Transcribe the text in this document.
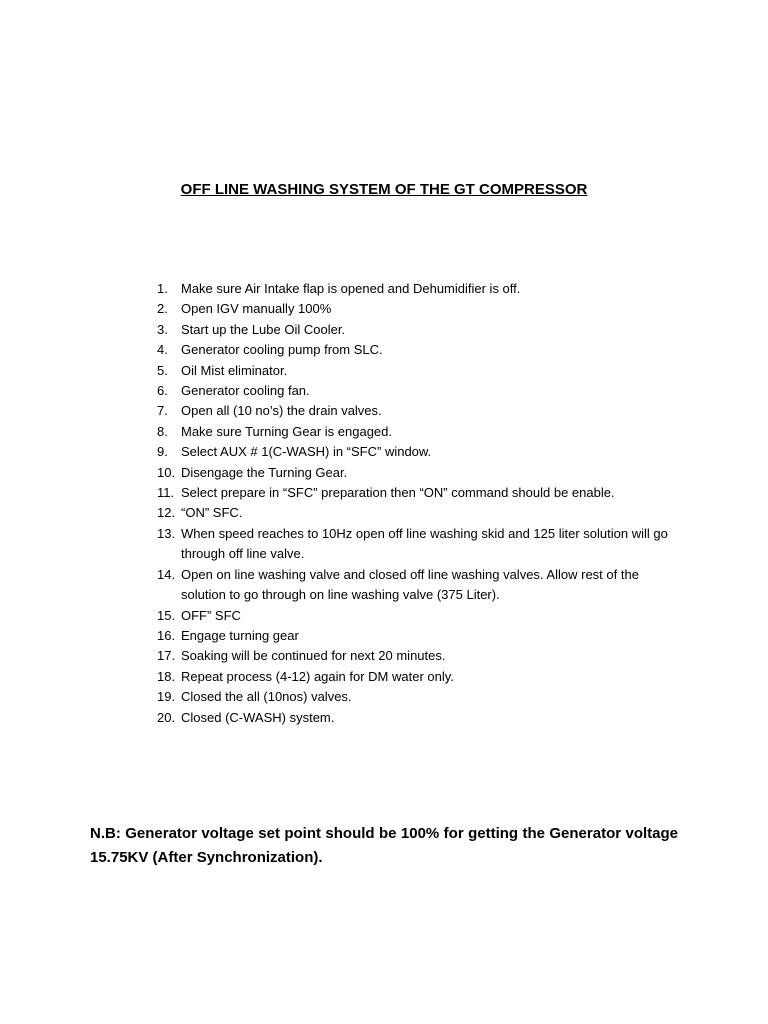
OFF LINE WASHING SYSTEM OF THE GT COMPRESSOR
1. Make sure Air Intake flap is opened and Dehumidifier is off.
2. Open IGV manually 100%
3. Start up the Lube Oil Cooler.
4. Generator cooling pump from SLC.
5. Oil Mist eliminator.
6. Generator cooling fan.
7. Open all (10 no’s) the drain valves.
8. Make sure Turning Gear is engaged.
9. Select AUX # 1(C-WASH) in “SFC” window.
10. Disengage the Turning Gear.
11. Select prepare in “SFC” preparation then “ON” command should be enable.
12. “ON” SFC.
13. When speed reaches to 10Hz open off line washing skid and 125 liter solution will go through off line valve.
14. Open on line washing valve and closed off line washing valves. Allow rest of the solution to go through on line washing valve (375 Liter).
15. OFF” SFC
16. Engage turning gear
17. Soaking will be continued for next 20 minutes.
18. Repeat process (4-12) again for DM water only.
19. Closed the all (10nos) valves.
20. Closed (C-WASH) system.
N.B: Generator voltage set point should be 100% for getting the Generator voltage 15.75KV (After Synchronization).
